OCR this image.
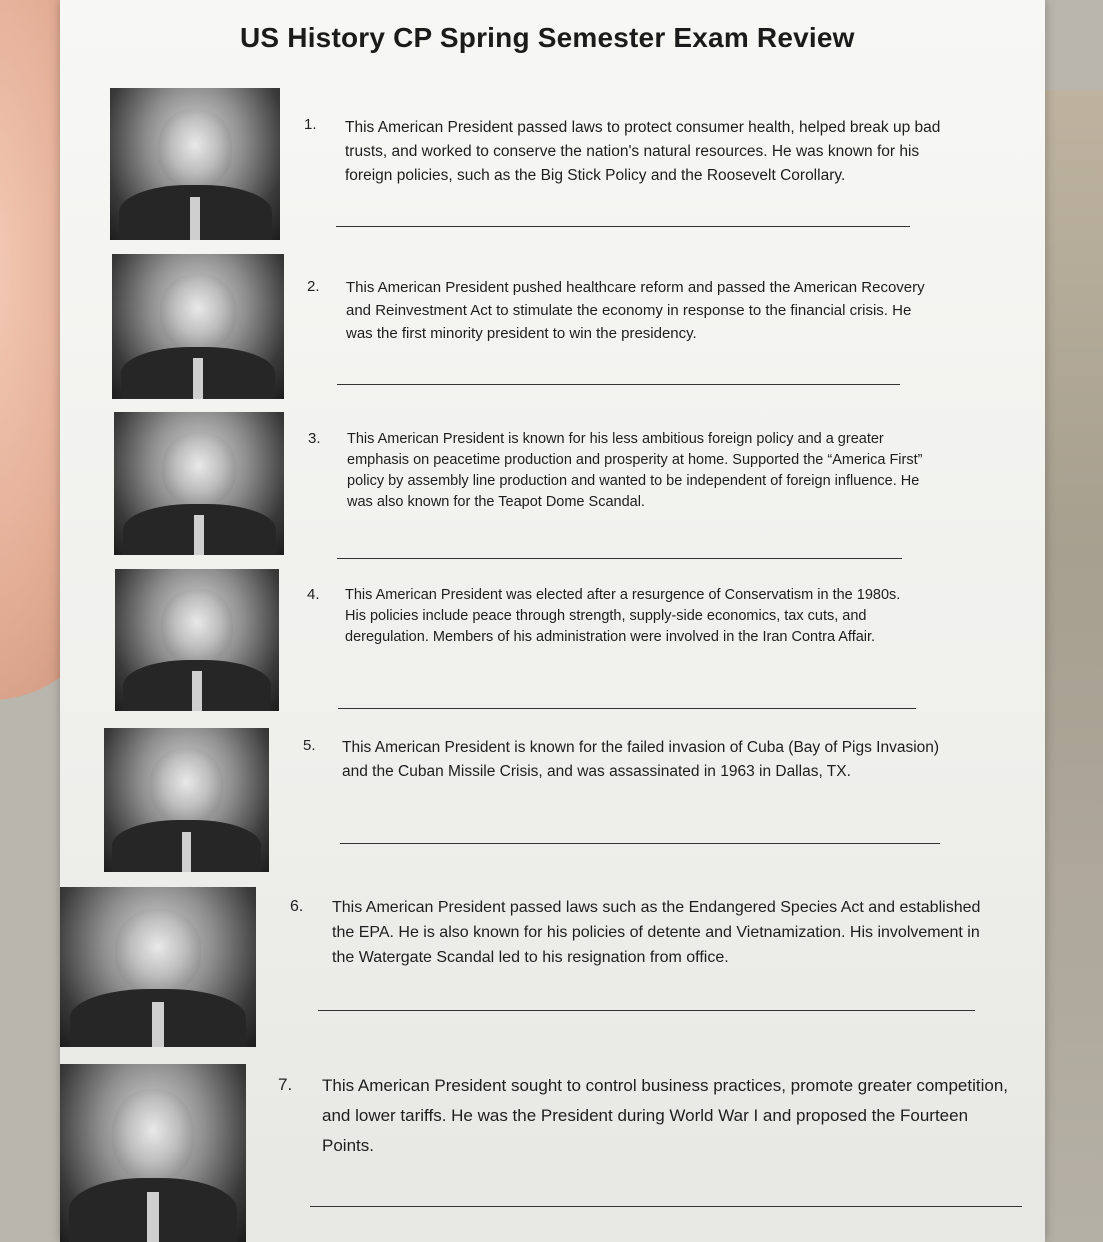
US History CP Spring Semester Exam Review
1. This American President passed laws to protect consumer health, helped break up bad trusts, and worked to conserve the nation's natural resources. He was known for his foreign policies, such as the Big Stick Policy and the Roosevelt Corollary.
2. This American President pushed healthcare reform and passed the American Recovery and Reinvestment Act to stimulate the economy in response to the financial crisis. He was the first minority president to win the presidency.
3. This American President is known for his less ambitious foreign policy and a greater emphasis on peacetime production and prosperity at home. Supported the “America First” policy by assembly line production and wanted to be independent of foreign influence. He was also known for the Teapot Dome Scandal.
4. This American President was elected after a resurgence of Conservatism in the 1980s. His policies include peace through strength, supply-side economics, tax cuts, and deregulation. Members of his administration were involved in the Iran Contra Affair.
5. This American President is known for the failed invasion of Cuba (Bay of Pigs Invasion) and the Cuban Missile Crisis, and was assassinated in 1963 in Dallas, TX.
6. This American President passed laws such as the Endangered Species Act and established the EPA. He is also known for his policies of detente and Vietnamization. His involvement in the Watergate Scandal led to his resignation from office.
7. This American President sought to control business practices, promote greater competition, and lower tariffs. He was the President during World War I and proposed the Fourteen Points.
